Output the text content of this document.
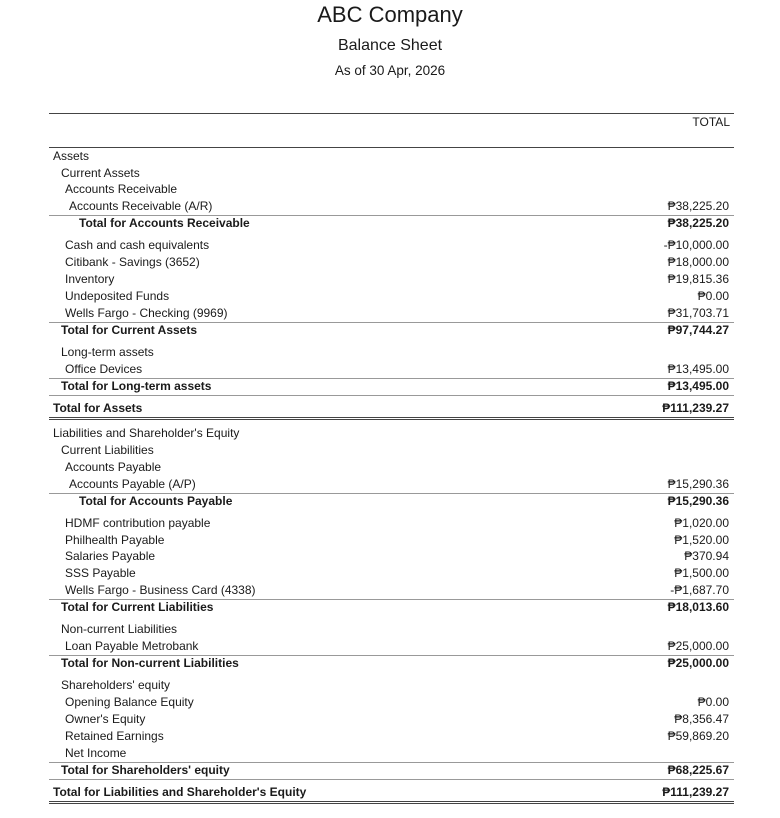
ABC Company
Balance Sheet
As of 30 Apr, 2026
TOTAL
Assets
Current Assets
Accounts Receivable
Accounts Receivable (A/R)	₱38,225.20
Total for Accounts Receivable	₱38,225.20
Cash and cash equivalents	-₱10,000.00
Citibank - Savings (3652)	₱18,000.00
Inventory	₱19,815.36
Undeposited Funds	₱0.00
Wells Fargo - Checking (9969)	₱31,703.71
Total for Current Assets	₱97,744.27
Long-term assets
Office Devices	₱13,495.00
Total for Long-term assets	₱13,495.00
Total for Assets	₱111,239.27
Liabilities and Shareholder's Equity
Current Liabilities
Accounts Payable
Accounts Payable (A/P)	₱15,290.36
Total for Accounts Payable	₱15,290.36
HDMF contribution payable	₱1,020.00
Philhealth Payable	₱1,520.00
Salaries Payable	₱370.94
SSS Payable	₱1,500.00
Wells Fargo - Business Card (4338)	-₱1,687.70
Total for Current Liabilities	₱18,013.60
Non-current Liabilities
Loan Payable Metrobank	₱25,000.00
Total for Non-current Liabilities	₱25,000.00
Shareholders' equity
Opening Balance Equity	₱0.00
Owner's Equity	₱8,356.47
Retained Earnings	₱59,869.20
Net Income
Total for Shareholders' equity	₱68,225.67
Total for Liabilities and Shareholder's Equity	₱111,239.27
